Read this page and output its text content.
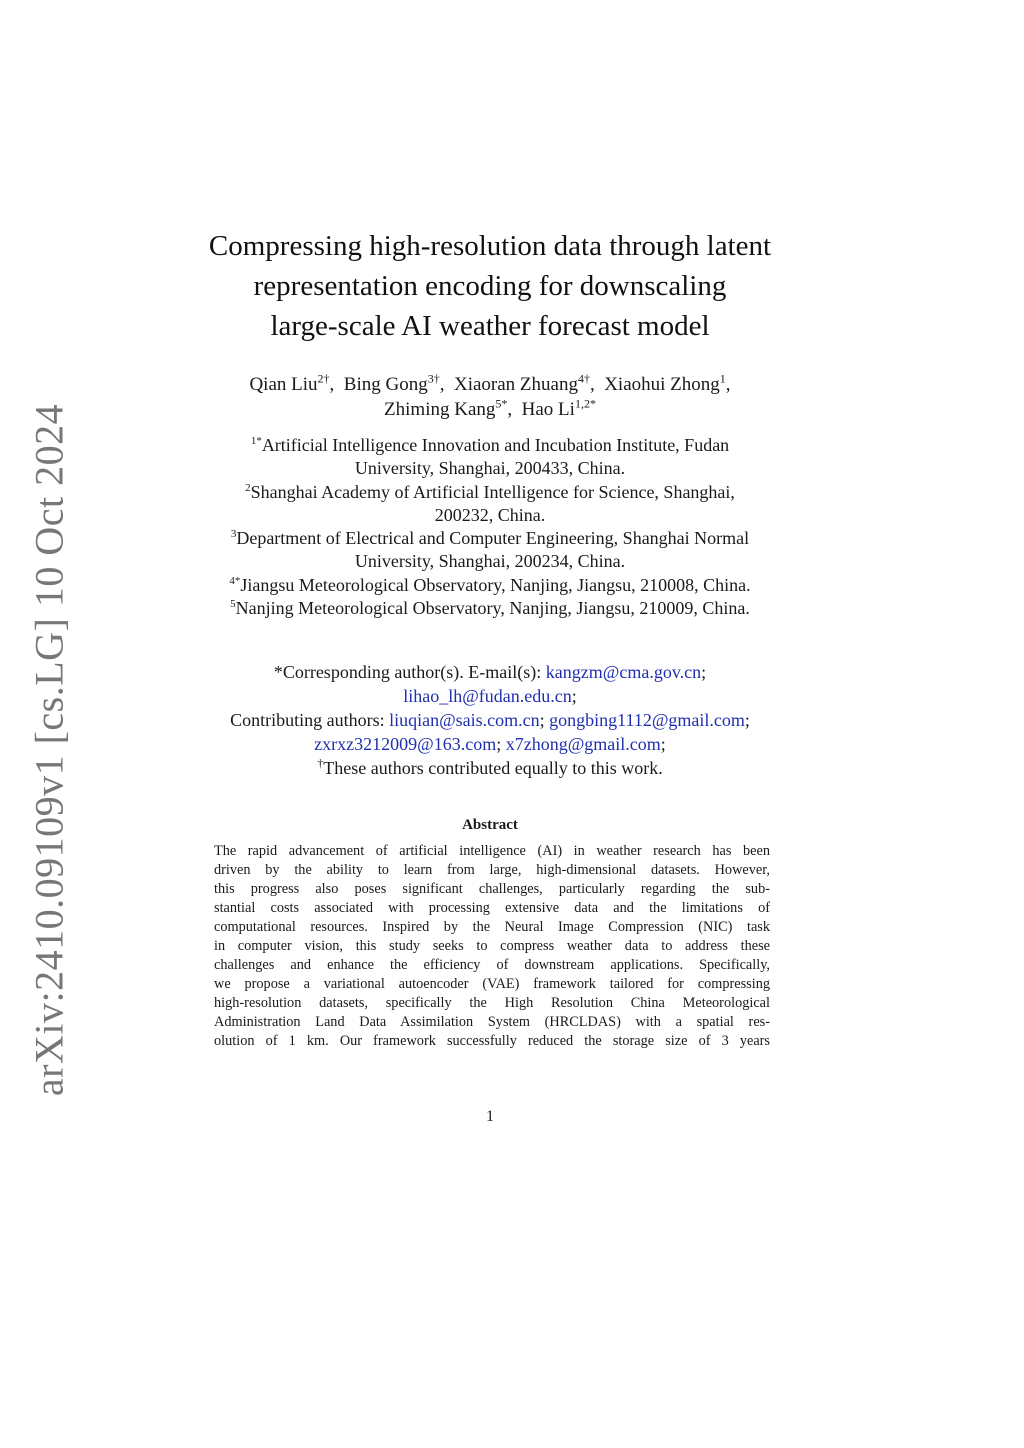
arXiv:2410.09109v1 [cs.LG] 10 Oct 2024
Compressing high-resolution data through latent
representation encoding for downscaling
large-scale AI weather forecast model
Qian Liu$^{2\dagger}$,  Bing Gong$^{3\dagger}$,  Xiaoran Zhuang$^{4\dagger}$,  Xiaohui Zhong$^1$,
Zhiming Kang$^{5*}$,  Hao $Li^{1,2*}$
$^{1*}$Artificial Intelligence Innovation and Incubation Institute, Fudan
University, Shanghai, 200433, China.
$^2$Shanghai Academy of Artificial Intelligence for Science, Shanghai,
200232, China.
$^3$Department of Electrical and Computer Engineering, Shanghai Normal
University, Shanghai, 200234, China.
$^{4*}$Jiangsu Meteorological Observatory, Nanjing, Jiangsu, 210008, China.
$^5$Nanjing Meteorological Observatory, Nanjing, Jiangsu, 210009, China.
*Corresponding author(s). E-mail(s): kangzm@cma.gov.cn;
lihao_lh@fudan.edu.cn;
Contributing authors: liuqian@sais.com.cn; gongbing1112@gmail.com;
zxrxz3212009@163.com; x7zhong@gmail.com;
†These authors contributed equally to this work.
Abstract
The rapid advancement of artificial intelligence (AI) in weather research has been
driven by the ability to learn from large, high-dimensional datasets. However,
this progress also poses significant challenges, particularly regarding the sub-
stantial costs associated with processing extensive data and the limitations of
computational resources. Inspired by the Neural Image Compression (NIC) task
in computer vision, this study seeks to compress weather data to address these
challenges and enhance the efficiency of downstream applications. Specifically,
we propose a variational autoencoder (VAE) framework tailored for compressing
high-resolution datasets, specifically the High Resolution China Meteorological
Administration Land Data Assimilation System (HRCLDAS) with a spatial res-
olution of 1 km. Our framework successfully reduced the storage size of 3 years
1
